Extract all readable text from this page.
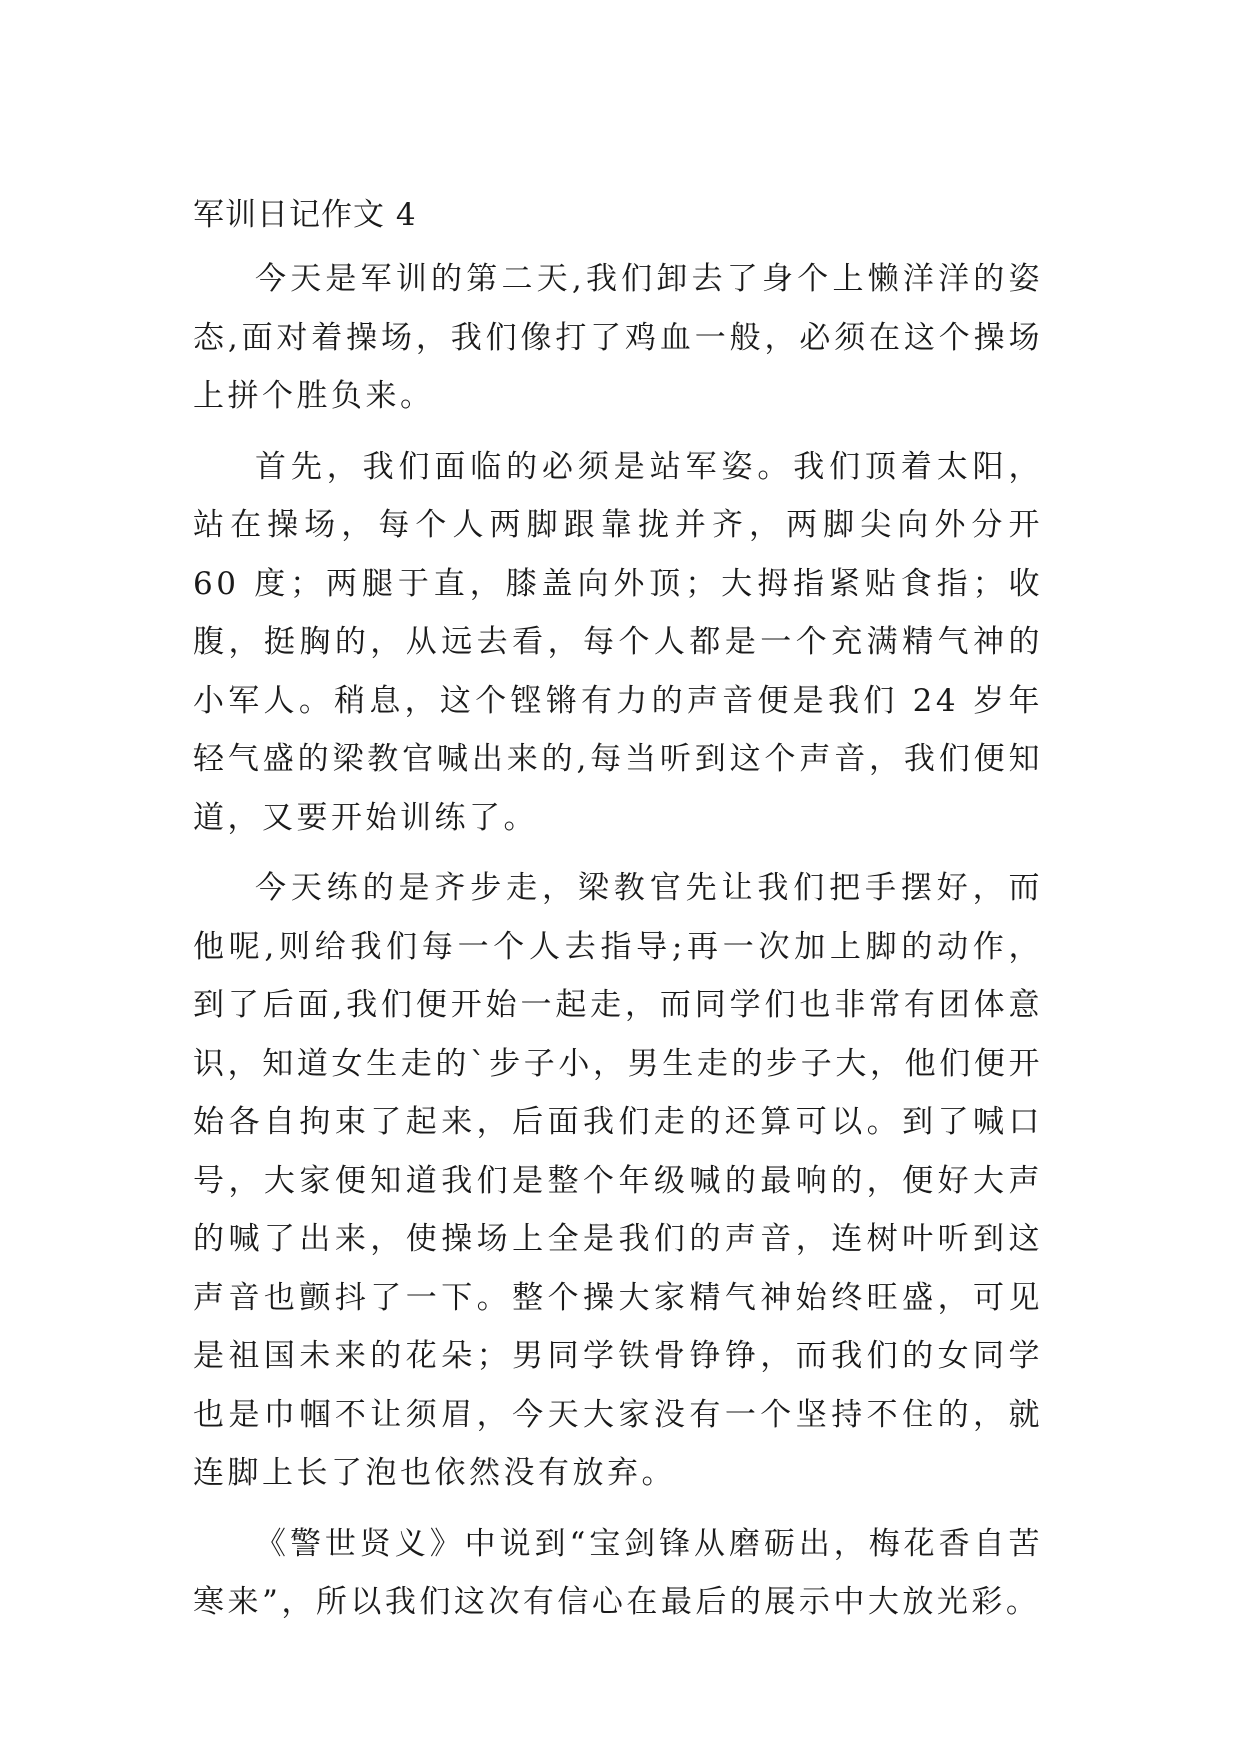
军训日记作文 4

今天是军训的第二天,我们卸去了身个上懒洋洋的姿态,面对着操场，我们像打了鸡血一般，必须在这个操场上拼个胜负来。

首先，我们面临的必须是站军姿。我们顶着太阳，站在操场，每个人两脚跟靠拢并齐，两脚尖向外分开 60 度；两腿于直，膝盖向外顶；大拇指紧贴食指；收腹，挺胸的，从远去看，每个人都是一个充满精气神的小军人。稍息，这个铿锵有力的声音便是我们 24 岁年轻气盛的梁教官喊出来的,每当听到这个声音，我们便知道，又要开始训练了。

今天练的是齐步走，梁教官先让我们把手摆好，而他呢,则给我们每一个人去指导;再一次加上脚的动作，到了后面,我们便开始一起走，而同学们也非常有团体意识，知道女生走的`步子小，男生走的步子大，他们便开始各自拘束了起来，后面我们走的还算可以。到了喊口号，大家便知道我们是整个年级喊的最响的，便好大声的喊了出来，使操场上全是我们的声音，连树叶听到这声音也颤抖了一下。整个操大家精气神始终旺盛，可见是祖国未来的花朵；男同学铁骨铮铮，而我们的女同学也是巾帼不让须眉，今天大家没有一个坚持不住的，就连脚上长了泡也依然没有放弃。

《警世贤义》中说到“宝剑锋从磨砺出，梅花香自苦寒来”，所以我们这次有信心在最后的展示中大放光彩。
